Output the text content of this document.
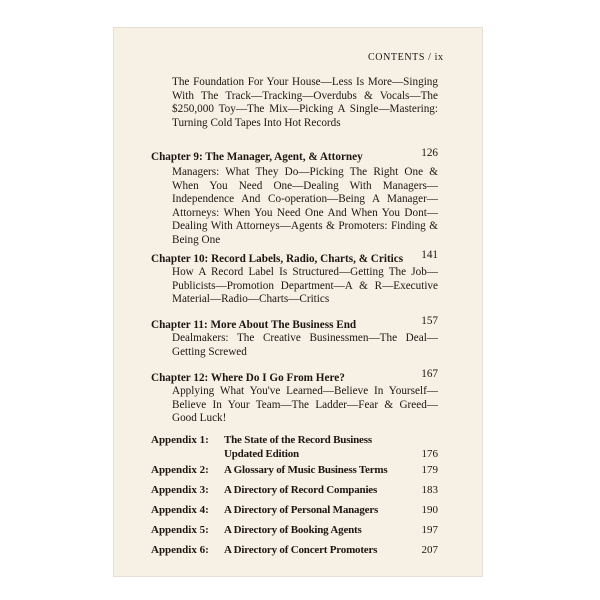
CONTENTS / ix
The Foundation For Your House—Less Is More—Singing With The Track—Tracking—Overdubs & Vocals—The $250,000 Toy—The Mix—Picking A Single—Mastering: Turning Cold Tapes Into Hot Records
Chapter 9: The Manager, Agent, & Attorney	126
Managers: What They Do—Picking The Right One & When You Need One—Dealing With Managers—Independence And Co-operation—Being A Manager—Attorneys: When You Need One And When You Dont—Dealing With Attorneys—Agents & Promoters: Finding & Being One
Chapter 10: Record Labels, Radio, Charts, & Critics 141
How A Record Label Is Structured—Getting The Job—Publicists—Promotion Department—A & R—Executive Material—Radio—Charts—Critics
Chapter 11: More About The Business End	157
Dealmakers: The Creative Businessmen—The Deal—Getting Screwed
Chapter 12: Where Do I Go From Here?	167
Applying What You've Learned—Believe In Yourself—Believe In Your Team—The Ladder—Fear & Greed—Good Luck!
Appendix 1: The State of the Record Business
Updated Edition	176
Appendix 2: A Glossary of Music Business Terms	179
Appendix 3: A Directory of Record Companies	183
Appendix 4: A Directory of Personal Managers	190
Appendix 5: A Directory of Booking Agents	197
Appendix 6: A Directory of Concert Promoters	207
